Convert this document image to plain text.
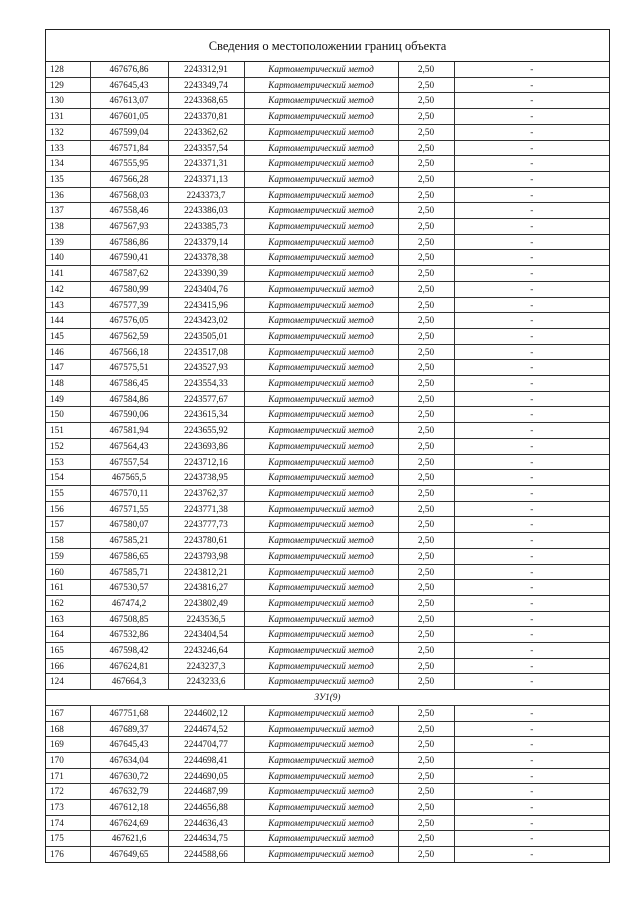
Сведения о местоположении границ объекта
128	467676,86	2243312,91	Картометрический метод	2,50	-
129	467645,43	2243349,74	Картометрический метод	2,50	-
130	467613,07	2243368,65	Картометрический метод	2,50	-
131	467601,05	2243370,81	Картометрический метод	2,50	-
132	467599,04	2243362,62	Картометрический метод	2,50	-
133	467571,84	2243357,54	Картометрический метод	2,50	-
134	467555,95	2243371,31	Картометрический метод	2,50	-
135	467566,28	2243371,13	Картометрический метод	2,50	-
136	467568,03	2243373,7	Картометрический метод	2,50	-
137	467558,46	2243386,03	Картометрический метод	2,50	-
138	467567,93	2243385,73	Картометрический метод	2,50	-
139	467586,86	2243379,14	Картометрический метод	2,50	-
140	467590,41	2243378,38	Картометрический метод	2,50	-
141	467587,62	2243390,39	Картометрический метод	2,50	-
142	467580,99	2243404,76	Картометрический метод	2,50	-
143	467577,39	2243415,96	Картометрический метод	2,50	-
144	467576,05	2243423,02	Картометрический метод	2,50	-
145	467562,59	2243505,01	Картометрический метод	2,50	-
146	467566,18	2243517,08	Картометрический метод	2,50	-
147	467575,51	2243527,93	Картометрический метод	2,50	-
148	467586,45	2243554,33	Картометрический метод	2,50	-
149	467584,86	2243577,67	Картометрический метод	2,50	-
150	467590,06	2243615,34	Картометрический метод	2,50	-
151	467581,94	2243655,92	Картометрический метод	2,50	-
152	467564,43	2243693,86	Картометрический метод	2,50	-
153	467557,54	2243712,16	Картометрический метод	2,50	-
154	467565,5	2243738,95	Картометрический метод	2,50	-
155	467570,11	2243762,37	Картометрический метод	2,50	-
156	467571,55	2243771,38	Картометрический метод	2,50	-
157	467580,07	2243777,73	Картометрический метод	2,50	-
158	467585,21	2243780,61	Картометрический метод	2,50	-
159	467586,65	2243793,98	Картометрический метод	2,50	-
160	467585,71	2243812,21	Картометрический метод	2,50	-
161	467530,57	2243816,27	Картометрический метод	2,50	-
162	467474,2	2243802,49	Картометрический метод	2,50	-
163	467508,85	2243536,5	Картометрический метод	2,50	-
164	467532,86	2243404,54	Картометрический метод	2,50	-
165	467598,42	2243246,64	Картометрический метод	2,50	-
166	467624,81	2243237,3	Картометрический метод	2,50	-
124	467664,3	2243233,6	Картометрический метод	2,50	-
ЗУ1(9)					
167	467751,68	2244602,12	Картометрический метод	2,50	-
168	467689,37	2244674,52	Картометрический метод	2,50	-
169	467645,43	2244704,77	Картометрический метод	2,50	-
170	467634,04	2244698,41	Картометрический метод	2,50	-
171	467630,72	2244690,05	Картометрический метод	2,50	-
172	467632,79	2244687,99	Картометрический метод	2,50	-
173	467612,18	2244656,88	Картометрический метод	2,50	-
174	467624,69	2244636,43	Картометрический метод	2,50	-
175	467621,6	2244634,75	Картометрический метод	2,50	-
176	467649,65	2244588,66	Картометрический метод	2,50	-
